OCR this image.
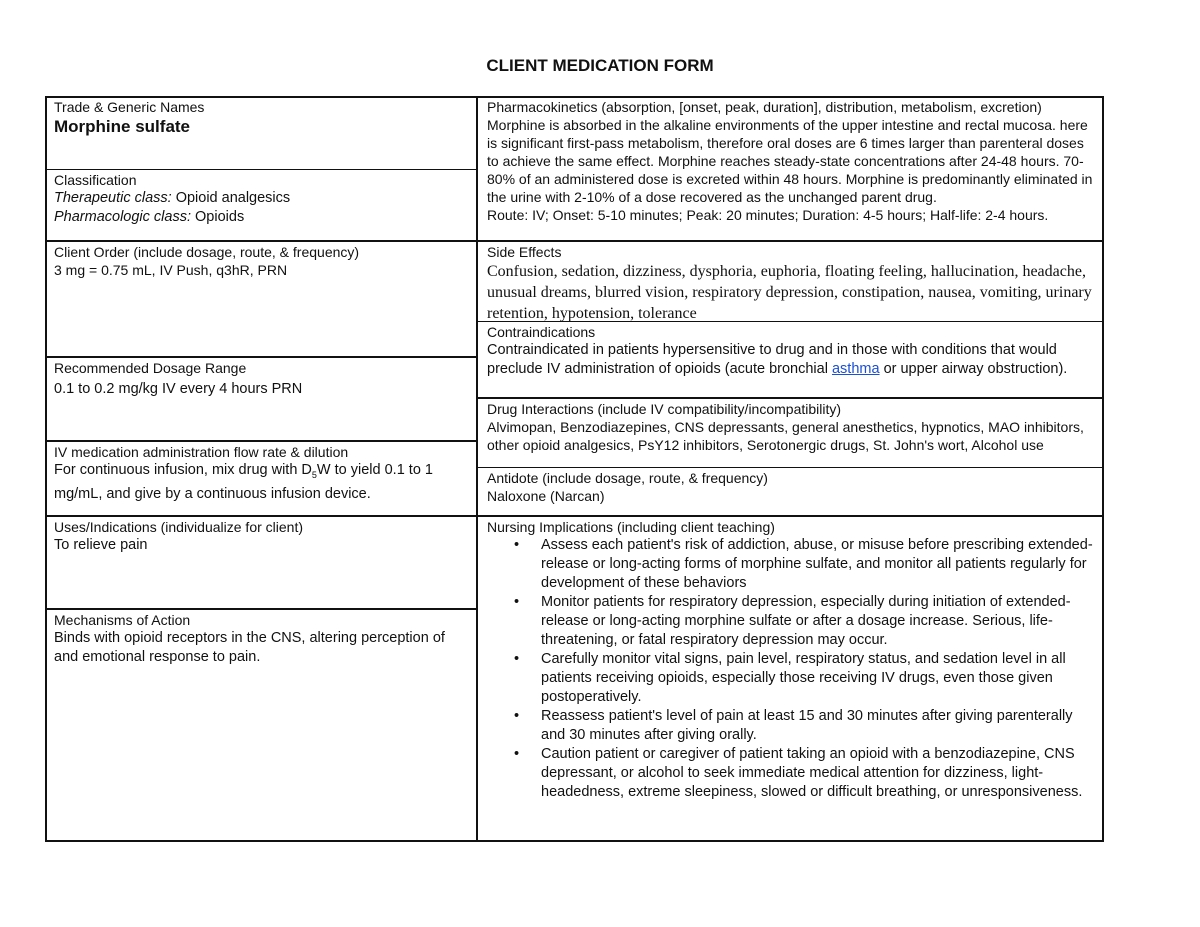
CLIENT MEDICATION FORM
Trade & Generic Names
Morphine sulfate
Classification
Therapeutic class: Opioid analgesics
Pharmacologic class: Opioids
Client Order (include dosage, route, & frequency)
3 mg = 0.75 mL, IV Push, q3hR, PRN
Recommended Dosage Range
0.1 to 0.2 mg/kg IV every 4 hours PRN
IV medication administration flow rate & dilution
For continuous infusion, mix drug with $D_5W$ to yield 0.1 to 1 mg/mL, and give by a continuous infusion device.
Uses/Indications (individualize for client)
To relieve pain
Mechanisms of Action
Binds with opioid receptors in the CNS, altering perception of and emotional response to pain.
Pharmacokinetics (absorption, [onset, peak, duration], distribution, metabolism, excretion)
Morphine is absorbed in the alkaline environments of the upper intestine and rectal mucosa. here is significant first-pass metabolism, therefore oral doses are 6 times larger than parenteral doses to achieve the same effect. Morphine reaches steady-state concentrations after 24-48 hours. 70-80% of an administered dose is excreted within 48 hours. Morphine is predominantly eliminated in the urine with 2-10% of a dose recovered as the unchanged parent drug.
Route: IV; Onset: 5-10 minutes; Peak: 20 minutes; Duration: 4-5 hours; Half-life: 2-4 hours.
Side Effects
Confusion, sedation, dizziness, dysphoria, euphoria, floating feeling, hallucination, headache, unusual dreams, blurred vision, respiratory depression, constipation, nausea, vomiting, urinary retention, hypotension, tolerance
Contraindications
Contraindicated in patients hypersensitive to drug and in those with conditions that would preclude IV administration of opioids (acute bronchial asthma or upper airway obstruction).
Drug Interactions (include IV compatibility/incompatibility)
Alvimopan, Benzodiazepines, CNS depressants, general anesthetics, hypnotics, MAO inhibitors, other opioid analgesics, PsY12 inhibitors, Serotonergic drugs, St. John's wort, Alcohol use
Antidote (include dosage, route, & frequency)
Naloxone (Narcan)
Nursing Implications (including client teaching)
• Assess each patient's risk of addiction, abuse, or misuse before prescribing extended-release or long-acting forms of morphine sulfate, and monitor all patients regularly for development of these behaviors
• Monitor patients for respiratory depression, especially during initiation of extended-release or long-acting morphine sulfate or after a dosage increase. Serious, life-threatening, or fatal respiratory depression may occur.
• Carefully monitor vital signs, pain level, respiratory status, and sedation level in all patients receiving opioids, especially those receiving IV drugs, even those given postoperatively.
• Reassess patient's level of pain at least 15 and 30 minutes after giving parenterally and 30 minutes after giving orally.
• Caution patient or caregiver of patient taking an opioid with a benzodiazepine, CNS depressant, or alcohol to seek immediate medical attention for dizziness, light-headedness, extreme sleepiness, slowed or difficult breathing, or unresponsiveness.
